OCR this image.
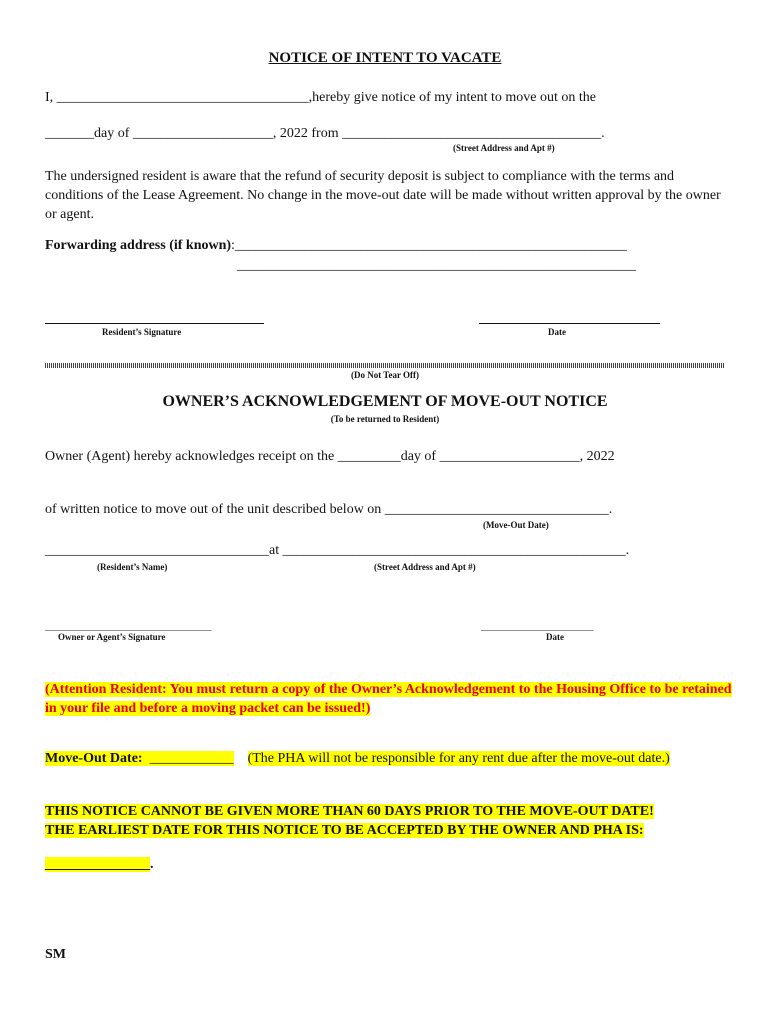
NOTICE OF INTENT TO VACATE
I, ____________________________________,hereby give notice of my intent to move out on the
_______day of ____________________, 2022 from _____________________________________.
(Street Address and Apt #)
The undersigned resident is aware that the refund of security deposit is subject to compliance with the terms and conditions of the Lease Agreement. No change in the move-out date will be made without written approval by the owner or agent.
Forwarding address (if known):________________________________________________________
_________________________________________________________
Resident’s Signature	Date
(Do Not Tear Off)
OWNER’S ACKNOWLEDGEMENT OF MOVE-OUT NOTICE
(To be returned to Resident)
Owner (Agent) hereby acknowledges receipt on the _________day of ____________________, 2022
of written notice to move out of the unit described below on ________________________________.
(Move-Out Date)
________________________________at _________________________________________________.
(Resident’s Name)	(Street Address and Apt #)
_____________________________________
Owner or Agent’s Signature
_________________________
Date
(Attention Resident: You must return a copy of the Owner’s Acknowledgement to the Housing Office to be retained in your file and before a moving packet can be issued!)
Move-Out Date: ____________ (The PHA will not be responsible for any rent due after the move-out date.)
THIS NOTICE CANNOT BE GIVEN MORE THAN 60 DAYS PRIOR TO THE MOVE-OUT DATE!
THE EARLIEST DATE FOR THIS NOTICE TO BE ACCEPTED BY THE OWNER AND PHA IS:
_______________.
SM
